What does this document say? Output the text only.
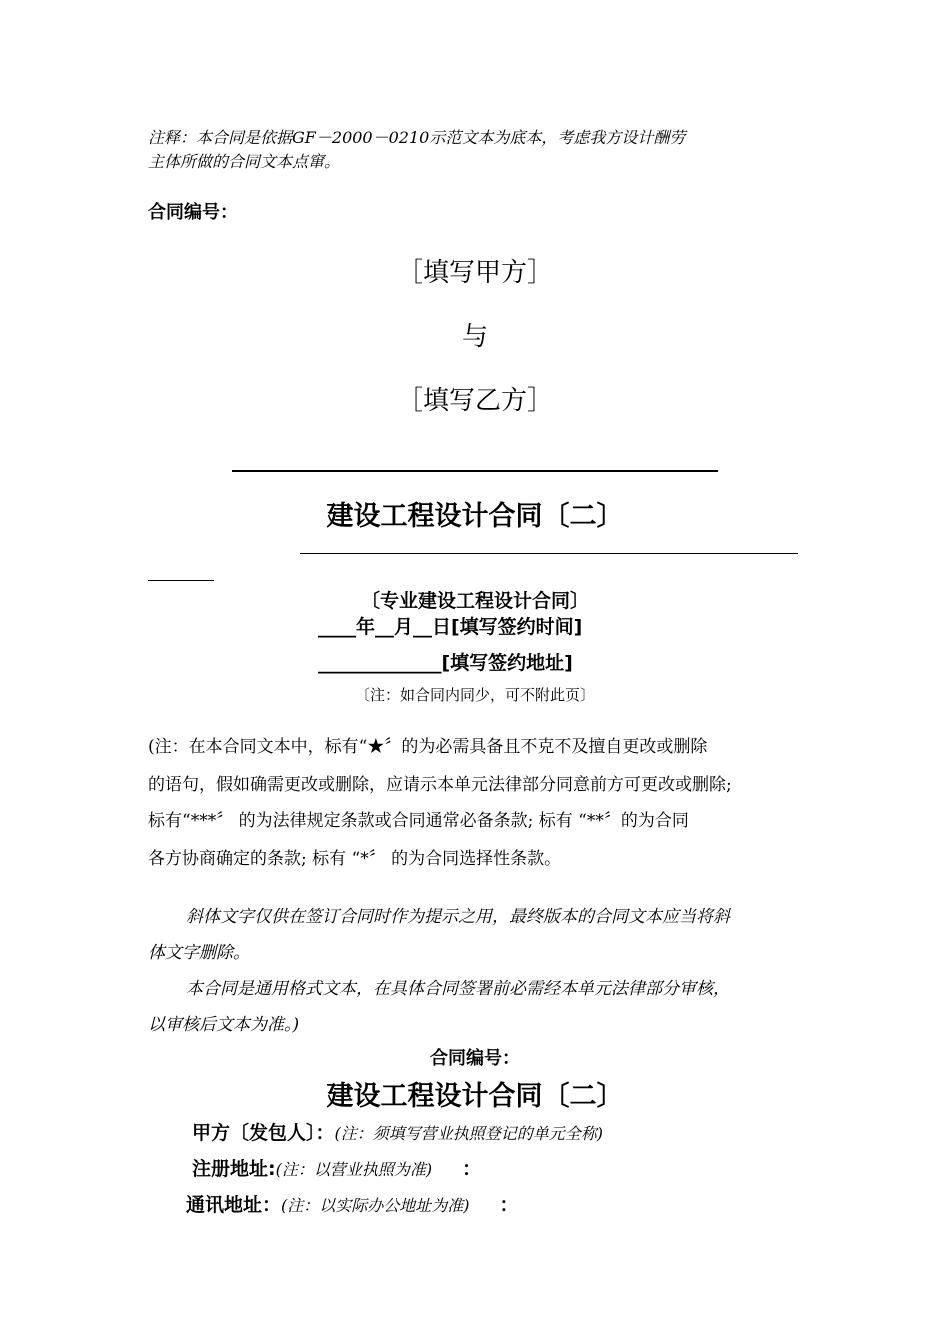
注释：本合同是依据GF－2000－0210示范文本为底本，考虑我方设计酬劳
主体所做的合同文本点窜。
合同编号：
［填写甲方］
与
［填写乙方］
建设工程设计合同〔二〕
〔专业建设工程设计合同〕
____年__月__日[填写签约时间]
_____________[填写签约地址]
〔注：如合同内同少，可不附此页〕
(注：在本合同文本中，标有“★〞的为必需具备且不克不及擅自更改或删除
的语句，假如确需更改或删除，应请示本单元法律部分同意前方可更改或删除;
标有“***〞 的为法律规定条款或合同通常必备条款; 标有 “**〞的为合同
各方协商确定的条款; 标有 “*〞 的为合同选择性条款。
斜体文字仅供在签订合同时作为提示之用，最终版本的合同文本应当将斜
体文字删除。
本合同是通用格式文本，在具体合同签署前必需经本单元法律部分审核，
以审核后文本为准。)
合同编号：
建设工程设计合同〔二〕
甲方〔发包人〕：(注：须填写营业执照登记的单元全称)
注册地址:(注：以营业执照为准) ：
通讯地址：(注：以实际办公地址为准) ：
